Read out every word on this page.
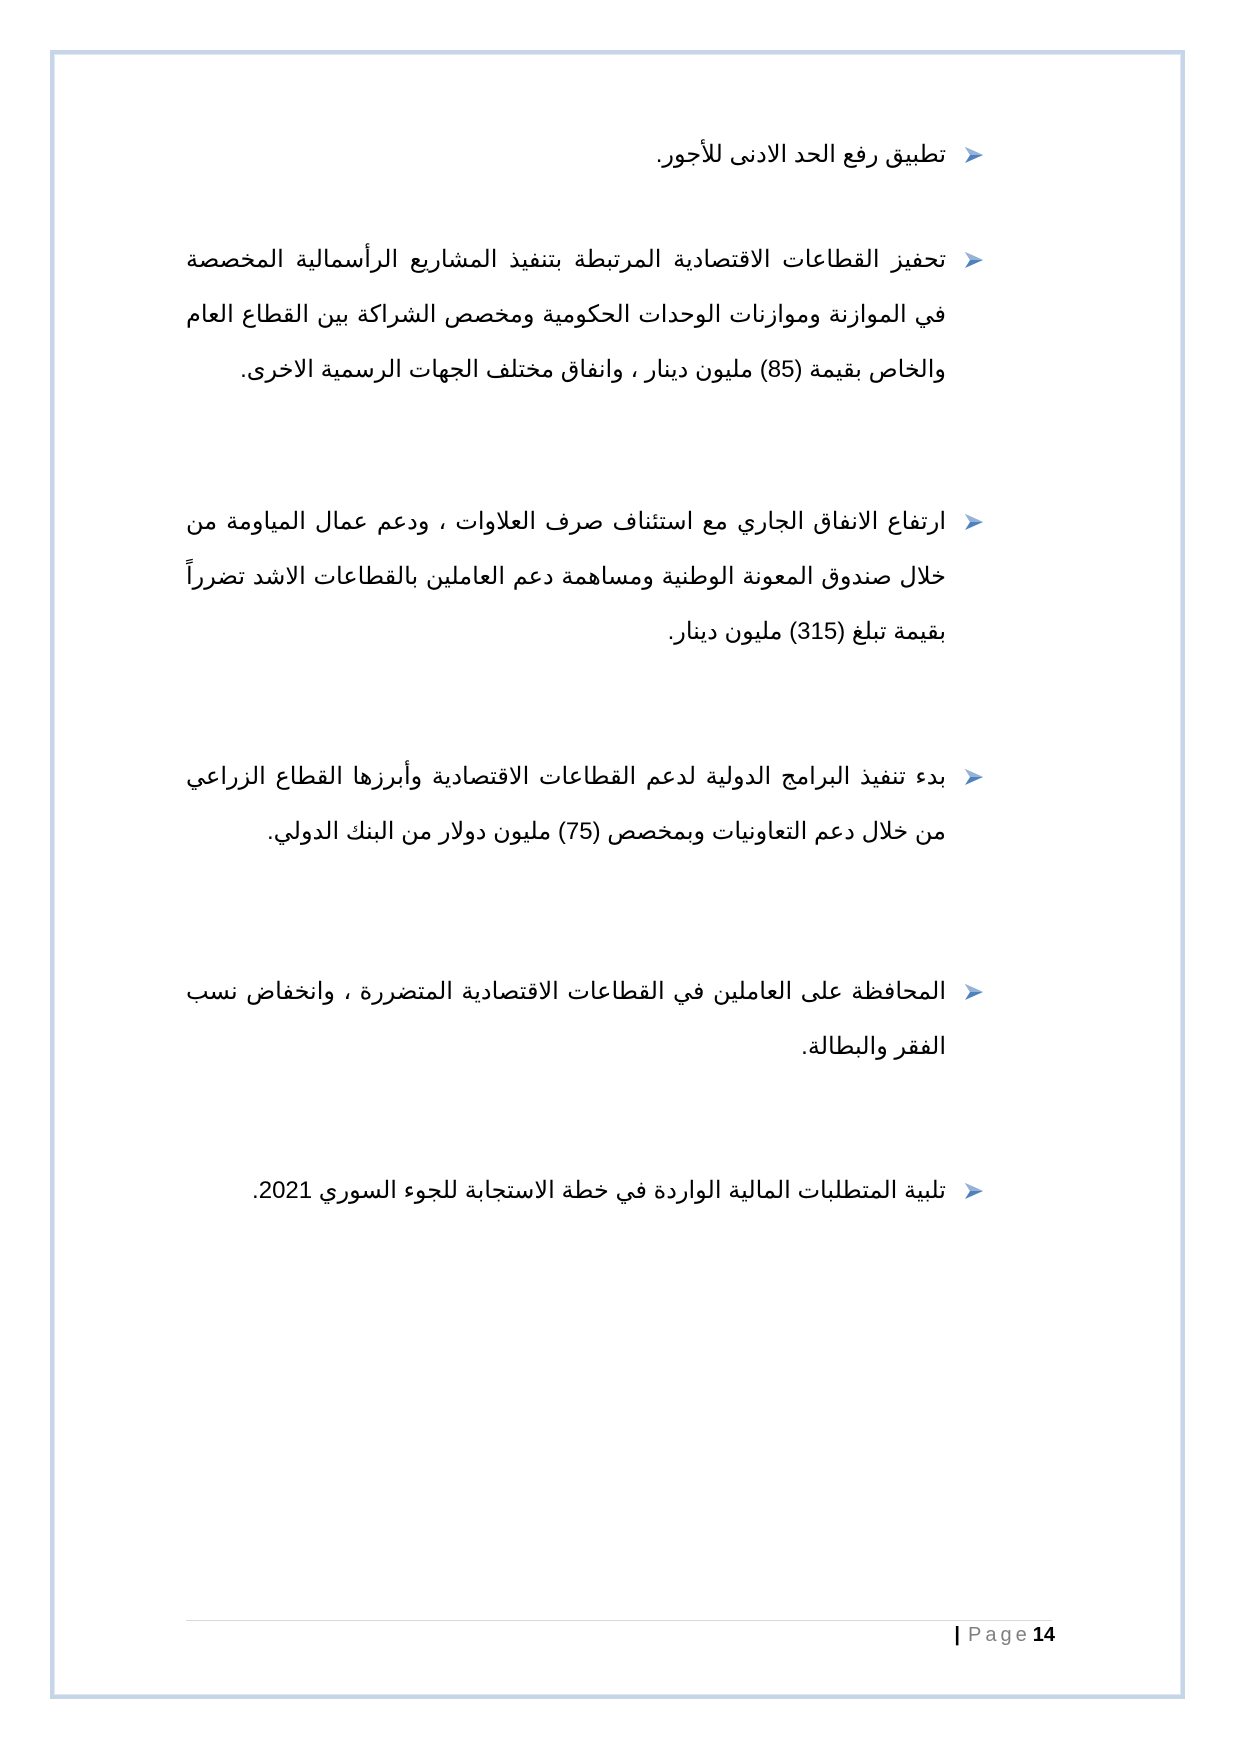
تطبيق رفع الحد الادنى للأجور.
تحفيز القطاعات الاقتصادية المرتبطة بتنفيذ المشاريع الرأسمالية المخصصة في الموازنة وموازنات الوحدات الحكومية ومخصص الشراكة بين القطاع العام والخاص بقيمة (85) مليون دينار ، وانفاق مختلف الجهات الرسمية الاخرى.
ارتفاع الانفاق الجاري مع استئناف صرف العلاوات ، ودعم عمال المياومة من خلال صندوق المعونة الوطنية ومساهمة دعم العاملين بالقطاعات الاشد تضرراً بقيمة تبلغ (315) مليون دينار.
بدء تنفيذ البرامج الدولية لدعم القطاعات الاقتصادية وأبرزها القطاع الزراعي من خلال دعم التعاونيات وبمخصص (75) مليون دولار من البنك الدولي.
المحافظة على العاملين في القطاعات الاقتصادية المتضررة ، وانخفاض نسب الفقر والبطالة.
تلبية المتطلبات المالية الواردة في خطة الاستجابة للجوء السوري 2021.
| Page 14
